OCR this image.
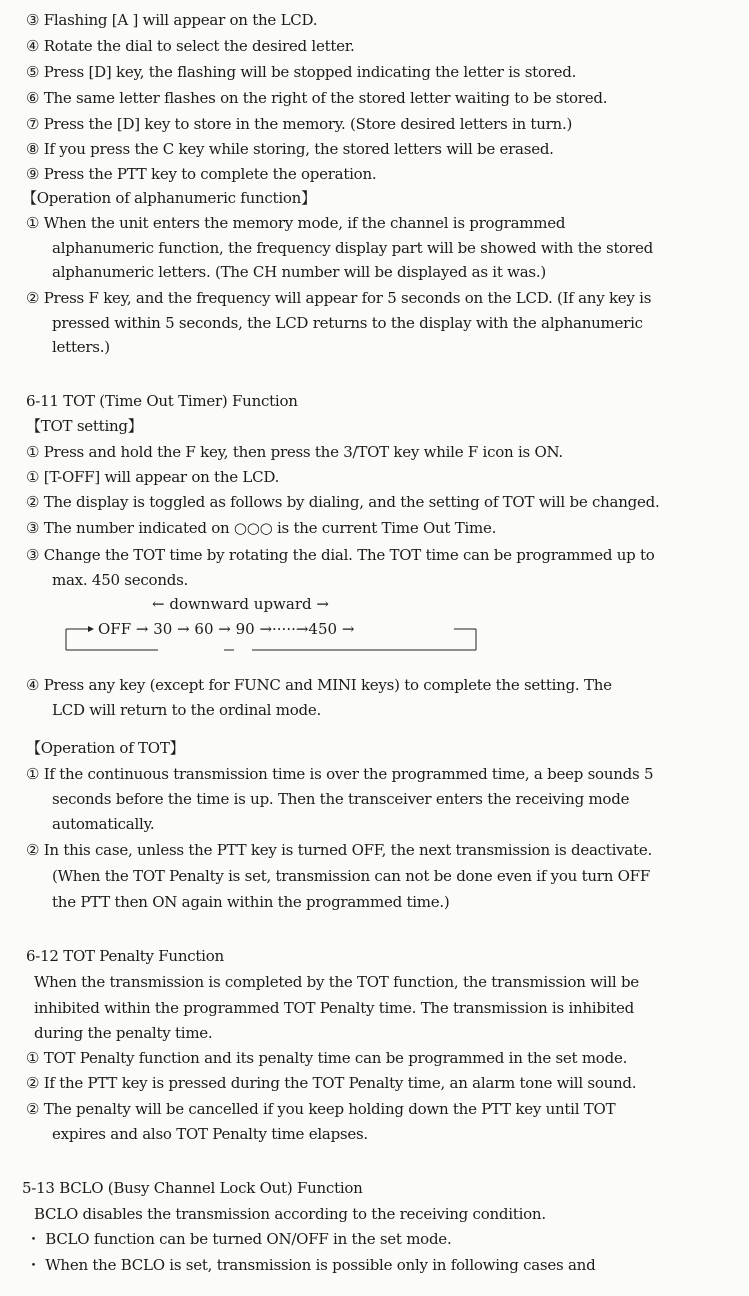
③ Flashing [A ] will appear on the LCD.
④ Rotate the dial to select the desired letter.
⑤ Press [D] key, the flashing will be stopped indicating the letter is stored.
⑥ The same letter flashes on the right of the stored letter waiting to be stored.
⑦ Press the [D] key to store in the memory. (Store desired letters in turn.)
⑧ If you press the C key while storing, the stored letters will be erased.
⑨ Press the PTT key to complete the operation.
【Operation of alphanumeric function】
① When the unit enters the memory mode, if the channel is programmed
alphanumeric function, the frequency display part will be showed with the stored
alphanumeric letters. (The CH number will be displayed as it was.)
② Press F key, and the frequency will appear for 5 seconds on the LCD. (If any key is
pressed within 5 seconds, the LCD returns to the display with the alphanumeric
letters.)
6-11 TOT (Time Out Timer) Function
【TOT setting】
① Press and hold the F key, then press the 3/TOT key while F icon is ON.
① [T-OFF] will appear on the LCD.
② The display is toggled as follows by dialing, and the setting of TOT will be changed.
③ The number indicated on ○○○ is the current Time Out Time.
③ Change the TOT time by rotating the dial. The TOT time can be programmed up to
max. 450 seconds.
← downward upward →
OFF → 30 → 60 → 90 →·····→450 →
④ Press any key (except for FUNC and MINI keys) to complete the setting. The
LCD will return to the ordinal mode.
【Operation of TOT】
① If the continuous transmission time is over the programmed time, a beep sounds 5
seconds before the time is up. Then the transceiver enters the receiving mode
automatically.
② In this case, unless the PTT key is turned OFF, the next transmission is deactivate.
(When the TOT Penalty is set, transmission can not be done even if you turn OFF
the PTT then ON again within the programmed time.)
6-12 TOT Penalty Function
When the transmission is completed by the TOT function, the transmission will be
inhibited within the programmed TOT Penalty time. The transmission is inhibited
during the penalty time.
① TOT Penalty function and its penalty time can be programmed in the set mode.
② If the PTT key is pressed during the TOT Penalty time, an alarm tone will sound.
② The penalty will be cancelled if you keep holding down the PTT key until TOT
expires and also TOT Penalty time elapses.
5-13 BCLO (Busy Channel Lock Out) Function
BCLO disables the transmission according to the receiving condition.
・ BCLO function can be turned ON/OFF in the set mode.
・ When the BCLO is set, transmission is possible only in following cases and
